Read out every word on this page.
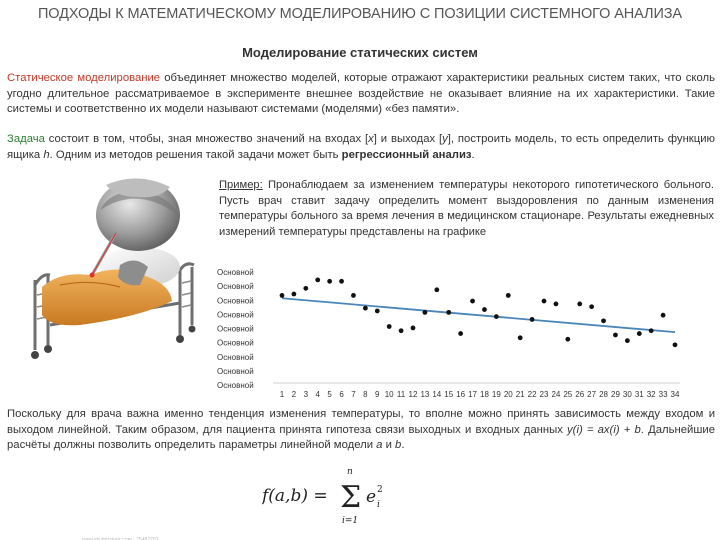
ПОДХОДЫ К МАТЕМАТИЧЕСКОМУ МОДЕЛИРОВАНИЮ С ПОЗИЦИИ СИСТЕМНОГО АНАЛИЗА
Моделирование статических систем
Статическое моделирование объединяет множество моделей, которые отражают характеристики реальных систем таких, что сколь угодно длительное рассматриваемое в эксперименте внешнее воздействие не оказывает влияние на их характеристики. Такие системы и соответственно их модели называют системами (моделями) «без памяти».
Задача состоит в том, чтобы, зная множество значений на входах [x] и выходах [y], построить модель, то есть определить функцию ящика h. Одним из методов решения такой задачи может быть регрессионный анализ.
www.shutterstock.com · 75482763
Пример: Пронаблюдаем за изменением температуры некоторого гипотетического больного. Пусть врач ставит задачу определить момент выздоровления по данным изменения температуры больного за время лечения в медицинском стационаре. Результаты ежедневных измерений температуры представлены на графике
Основной
Основной
Основной
Основной
Основной
Основной
Основной
Основной
Основной
1 2 3 4 5 6 7 8 9 10 11 12 13 14 15 16 17 18 19 20 21 22 23 24 25 26 27 28 29 30 31 32 33 34
Поскольку для врача важна именно тенденция изменения температуры, то вполне можно принять зависимость между входом и выходом линейной. Таким образом, для пациента принята гипотеза связи выходных и входных данных y(i) = ax(i) + b. Дальнейшие расчёты должны позволить определить параметры линейной модели a и b.
f(a,b) =
n
Σ
i=1
e i
2
